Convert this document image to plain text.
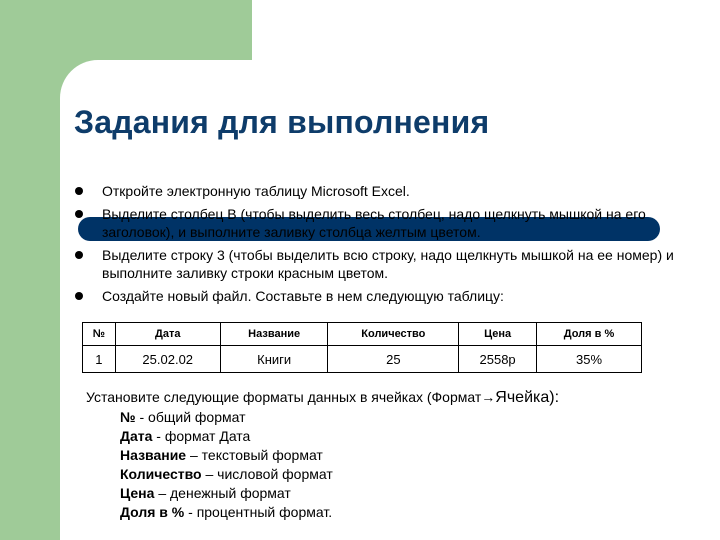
Задания для выполнения
Откройте электронную таблицу Microsoft Excel.
Выделите столбец В (чтобы выделить весь столбец, надо щелкнуть мышкой на его заголовок), и выполните заливку столбца желтым цветом.
Выделите строку 3 (чтобы выделить всю строку, надо щелкнуть мышкой на ее номер) и выполните заливку строки красным цветом.
Создайте новый файл. Составьте в нем следующую таблицу:
№	Дата	Название	Количество	Цена	Доля в %
1	25.02.02	Книги	25	2558р	35%

Установите следующие форматы данных в ячейках (Формат→Ячейка):

№ - общий формат
Дата - формат Дата
Название – текстовый формат
Количество – числовой формат
Цена – денежный формат
Доля в % - процентный формат.
